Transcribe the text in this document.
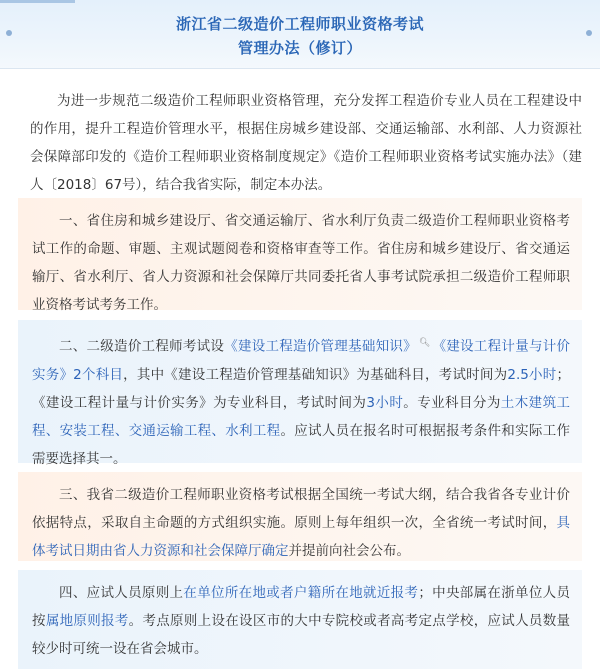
浙江省二级造价工程师职业资格考试
管理办法（修订）

为进一步规范二级造价工程师职业资格管理，充分发挥工程造价专业人员在工程建设中的作用，提升工程造价管理水平，根据住房城乡建设部、交通运输部、水利部、人力资源社会保障部印发的《造价工程师职业资格制度规定》《造价工程师职业资格考试实施办法》（建人〔2018〕67号），结合我省实际，制定本办法。

一、省住房和城乡建设厅、省交通运输厅、省水利厅负责二级造价工程师职业资格考试工作的命题、审题、主观试题阅卷和资格审查等工作。省住房和城乡建设厅、省交通运输厅、省水利厅、省人力资源和社会保障厅共同委托省人事考试院承担二级造价工程师职业资格考试考务工作。
二、二级造价工程师考试设《建设工程造价管理基础知识》 🔍︎ 《建设工程计量与计价实务》2个科目，其中《建设工程造价管理基础知识》为基础科目，考试时间为2.5小时；《建设工程计量与计价实务》为专业科目，考试时间为3小时。专业科目分为土木建筑工程、安装工程、交通运输工程、水利工程。应试人员在报名时可根据报考条件和实际工作需要选择其一。
三、我省二级造价工程师职业资格考试根据全国统一考试大纲，结合我省各专业计价依据特点，采取自主命题的方式组织实施。原则上每年组织一次，全省统一考试时间，具体考试日期由省人力资源和社会保障厅确定并提前向社会公布。
四、应试人员原则上在单位所在地或者户籍所在地就近报考；中央部属在浙单位人员按属地原则报考。考点原则上设在设区市的大中专院校或者高考定点学校，应试人员数量较少时可统一设在省会城市。
